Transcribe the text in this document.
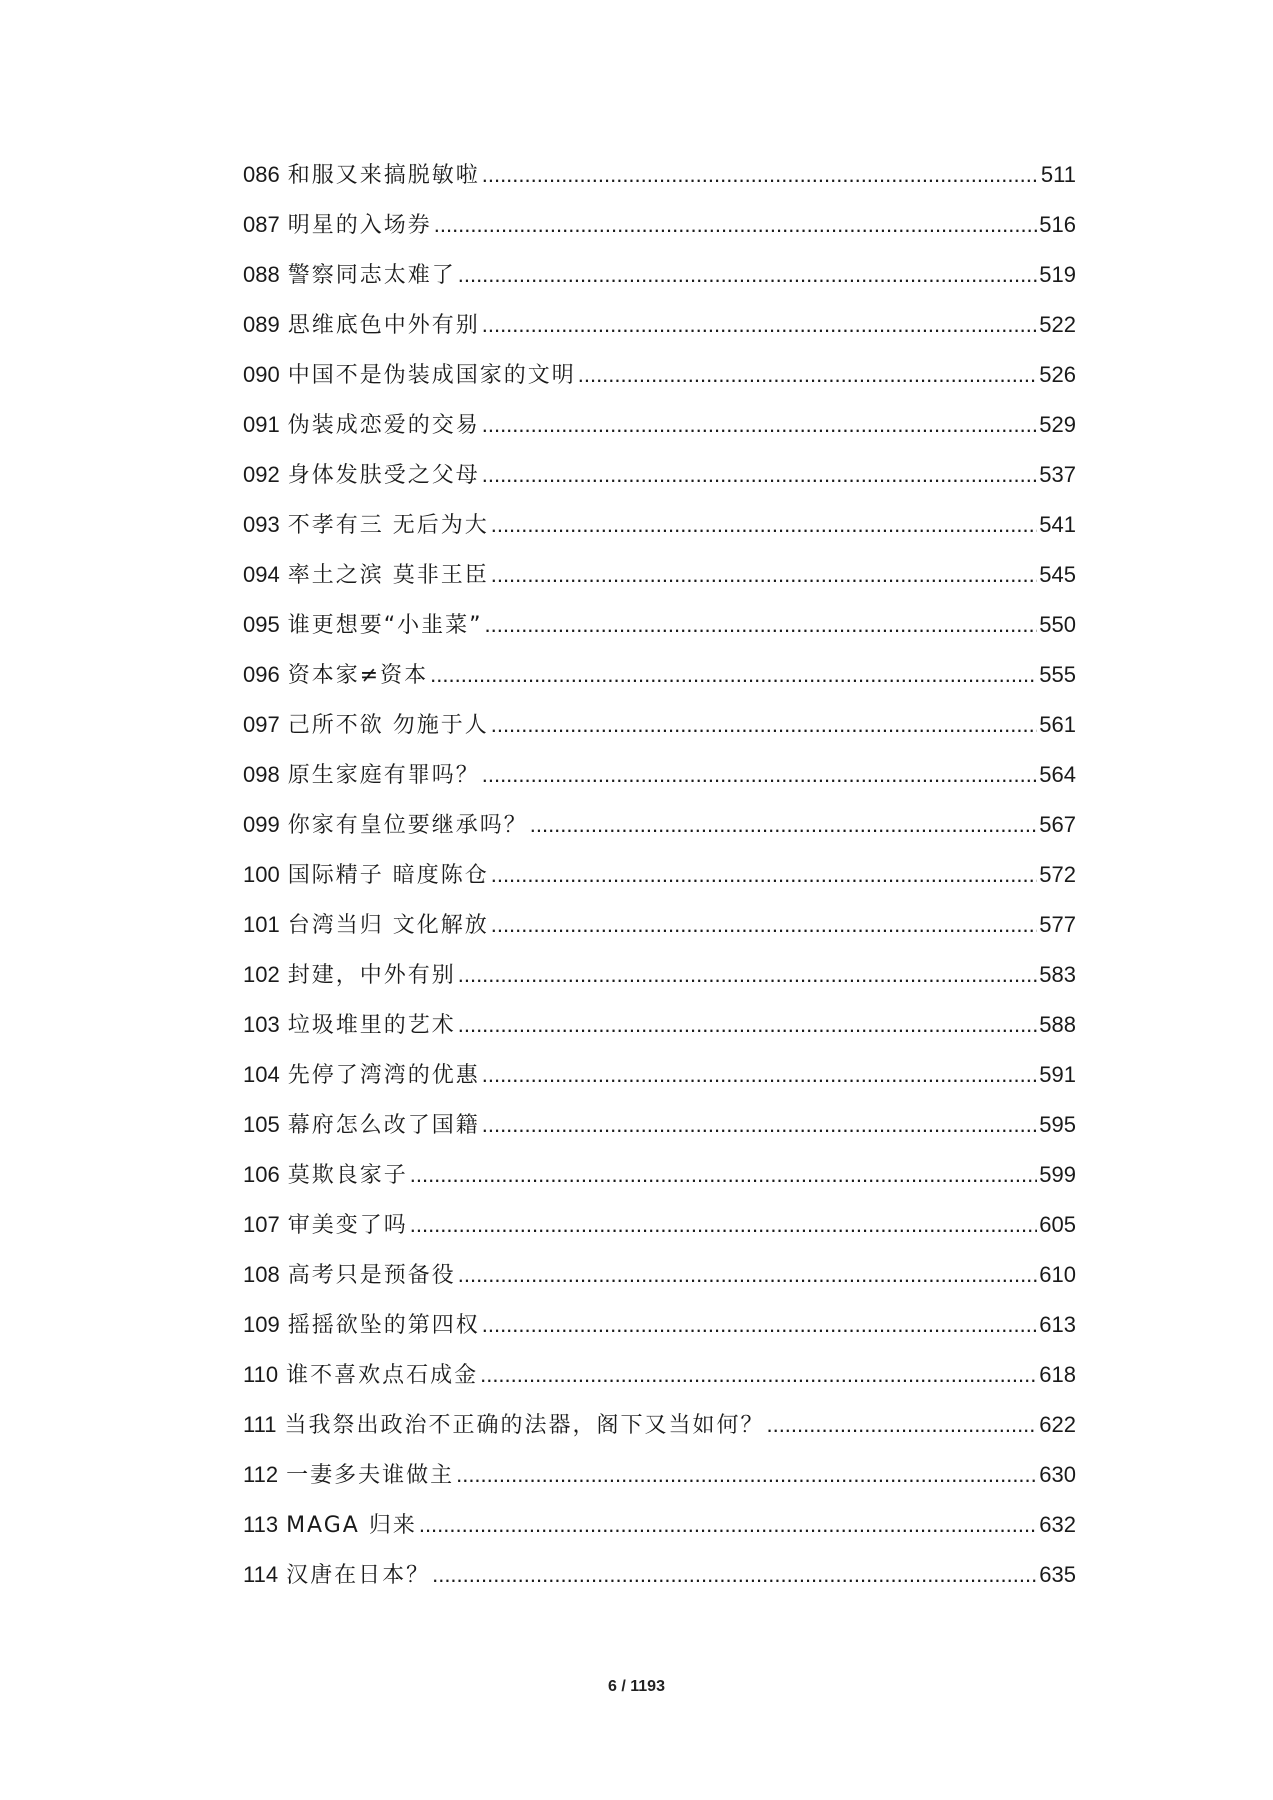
086 和服又来搞脱敏啦 .....	511
087 明星的入场券 .....	516
088 警察同志太难了 .....	519
089 思维底色中外有别 .....	522
090 中国不是伪装成国家的文明 .....	526
091 伪装成恋爱的交易 .....	529
092 身体发肤受之父母 .....	537
093 不孝有三 无后为大 .....	541
094 率土之滨 莫非王臣 .....	545
095 谁更想要“小韭菜” .....	550
096 资本家≠资本 .....	555
097 己所不欲 勿施于人 .....	561
098 原生家庭有罪吗？ .....	564
099 你家有皇位要继承吗？ .....	567
100 国际精子 暗度陈仓 .....	572
101 台湾当归 文化解放 .....	577
102 封建，中外有别 .....	583
103 垃圾堆里的艺术 .....	588
104 先停了湾湾的优惠 .....	591
105 幕府怎么改了国籍 .....	595
106 莫欺良家子 .....	599
107 审美变了吗 .....	605
108 高考只是预备役 .....	610
109 摇摇欲坠的第四权 .....	613
110 谁不喜欢点石成金 .....	618
111 当我祭出政治不正确的法器，阁下又当如何？ .....	622
112 一妻多夫谁做主 .....	630
113 MAGA 归来 .....	632
114 汉唐在日本？ .....	635
6 / 1193
